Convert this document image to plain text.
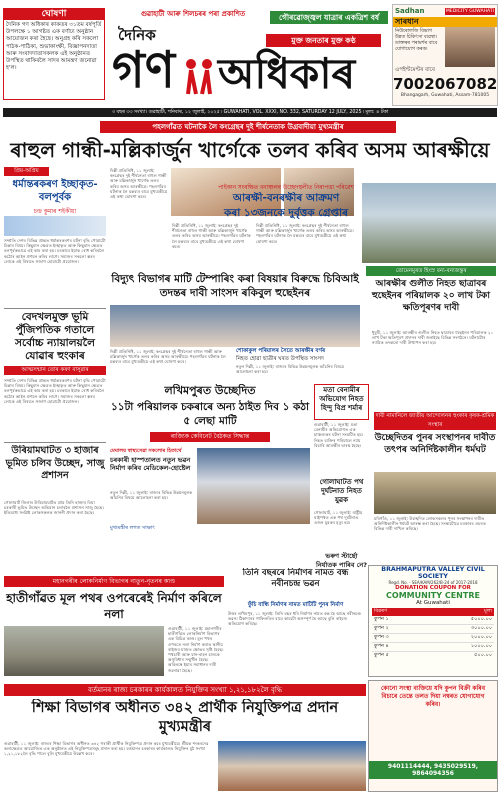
ঘোষণা
দৈনিক গণ অধিকাৰ কাকতৰ ৩১তম বৰ্ষপূৰ্তি উপলক্ষে ১ আগষ্টত এক বৰ্ণাঢ্য অনুষ্ঠান আয়োজন কৰা হৈছে। অনুগ্ৰহ কৰি সকলো পাঠক-পাঠিকা, শুভাকাংক্ষী, বিজ্ঞাপনদাতা আৰু সংবাদদাতাসকলক এই অনুষ্ঠানত উপস্থিত থাকিবলৈ সাদৰ আমন্ত্ৰণ জনোৱা হ'ল।
গুৱাহাটী আৰু শিলচৰৰ পৰা প্ৰকাশিত	গৌৰৱোজ্জ্বল যাত্ৰাৰ একত্ৰিশ বৰ্ষ
দৈনিক	মুক্ত জনতাৰ মুক্ত কণ্ঠ
গণ অধিকাৰ
Sadhan	MEDICITY GUWAHATI
সাৰধান
নিউৰোলজি বিভাগ উন্নত চিকিৎসা ব্যৱস্থা। ডাক্তৰৰ পৰামৰ্শৰ বাবে যোগাযোগ কৰক।
এপইণ্টমেণ্টৰ বাবে
7002067082
Bhangagarh, Guwahati, Assam-781005
৩ বছৰ ৩৩ সংখ্যা। গুৱাহাটী, শনিবাৰ, ১২ জুলাই, ২০২৫ ৷ GUWAHATI, VOL. XXXI, NO. 332, SATURDAY 12 JULY, 2025 ৷ মূল্য: ৪ টকা
পহলগাঁৱত ঘটনাকৈ লৈ কংগ্ৰেছৰ দুই শীৰ্ষনেতাক উগ্ৰবাদীয়া মুখ্যমন্ত্ৰীৰ
ৰাহুল গান্ধী-মল্লিকাৰ্জুন খাৰ্গেকে তলব কৰিব অসম আৰক্ষীয়ে
প্ৰিয়-অপ্ৰিয়
ধৰ্মান্তৰকৰণ ইচ্ছাকৃত-বলপূৰ্বক
চন্দ্ৰ কুমাৰ শইকীয়া
সম্প্ৰতি দেশৰ বিভিন্ন প্ৰান্তত ধৰ্মান্তৰকৰণৰ ঘটনা বৃদ্ধি পোৱাটো চিন্তাৰ বিষয়। কিছুমান ক্ষেত্ৰত ইচ্ছাকৃত আৰু কিছুমান ক্ষেত্ৰত বলপূৰ্বকভাৱে এই কাম কৰা হয়। চৰকাৰে ইয়াক ৰোধ কৰিবলৈ কঠোৰ আইন প্ৰণয়ন কৰিব লাগে। সমাজৰ সকলো স্তৰৰ লোকে এই বিষয়ত সজাগ হোৱাটো প্ৰয়োজন।
বেদখলমুক্ত ভূমি পুঁজিপতিক গতালে সৰ্বোচ্চ ন্যায়ালয়লৈ যোৱাৰ হুংকাৰ
আত্মসন্মান তোৰ কৰণ বাসুৱাৰ
সম্প্ৰতি দেশৰ বিভিন্ন প্ৰান্তত ধৰ্মান্তৰকৰণৰ ঘটনা বৃদ্ধি পোৱাটো চিন্তাৰ বিষয়। কিছুমান ক্ষেত্ৰত ইচ্ছাকৃত আৰু কিছুমান ক্ষেত্ৰত বলপূৰ্বকভাৱে এই কাম কৰা হয়। চৰকাৰে ইয়াক ৰোধ কৰিবলৈ কঠোৰ আইন প্ৰণয়ন কৰিব লাগে। সমাজৰ সকলো স্তৰৰ লোকে এই বিষয়ত সজাগ হোৱাটো প্ৰয়োজন।
উৰিয়ামঘাটত ৩ হাজাৰ ভূমিত চলিব উচ্ছেদ, সাজু প্ৰশাসন
গোলাঘাট জিলাৰ উৰিয়ামঘাটত প্ৰায় তিনি হাজাৰ বিঘা চৰকাৰী ভূমিত উচ্ছেদ অভিযান চলাবলৈ প্ৰশাসন সাজু হৈছে। ইতিমধ্যে সংশ্লিষ্ট লোকসকলক জাননী প্ৰদান কৰা হৈছে।
দিল্লী প্ৰতিনিধি, ১১ জুলাই: কংগ্ৰেছৰ দুই শীৰ্ষনেতা ৰাহুল গান্ধী আৰু মল্লিকাৰ্জুন খাৰ্গেক তলব কৰিব অসম আৰক্ষীয়ে। পহলগাঁৱৰ ঘটনাক লৈ মন্তব্যৰ বাবে মুখ্যমন্ত্ৰীয়ে এই কথা ঘোষণা কৰে।
পাইকান সংৰক্ষিত বনাঞ্চলৰ উচ্ছেদস্থলীত নিৰাপত্তা পৰিৱেশ
আৰক্ষী-বনৰক্ষীৰ আক্ৰমণ
কৰা ১৩জনকে দুৰ্বৃত্তক গ্ৰেপ্তাৰ
দিল্লী প্ৰতিনিধি, ১১ জুলাই: কংগ্ৰেছৰ দুই শীৰ্ষনেতা ৰাহুল গান্ধী আৰু মল্লিকাৰ্জুন খাৰ্গেক তলব কৰিব অসম আৰক্ষীয়ে। পহলগাঁৱৰ ঘটনাক লৈ মন্তব্যৰ বাবে মুখ্যমন্ত্ৰীয়ে এই কথা ঘোষণা কৰে।
দিল্লী প্ৰতিনিধি, ১১ জুলাই: কংগ্ৰেছৰ দুই শীৰ্ষনেতা ৰাহুল গান্ধী আৰু মল্লিকাৰ্জুন খাৰ্গেক তলব কৰিব অসম আৰক্ষীয়ে। পহলগাঁৱৰ ঘটনাক লৈ মন্তব্যৰ বাবে মুখ্যমন্ত্ৰীয়ে এই কথা ঘোষণা কৰে।
বিদ্যুৎ বিভাগৰ মাটি টেম্পাৰিং কৰা বিষয়াৰ বিৰুদ্ধে চিবিআই তদন্তৰ দাবী সাংসদ ৰকিবুল হুছেইনৰ
শোকাকুল পৰিয়ালৰ সৈতে আৰক্ষীৰ বৰ্গৰ
নিহত হোৱা ছাত্ৰীৰ ঘৰত উপস্থিত সাংসদ
দিল্লী প্ৰতিনিধি, ১১ জুলাই: কংগ্ৰেছৰ দুই শীৰ্ষনেতা ৰাহুল গান্ধী আৰু মল্লিকাৰ্জুন খাৰ্গেক তলব কৰিব অসম আৰক্ষীয়ে। পহলগাঁৱৰ ঘটনাক লৈ মন্তব্যৰ বাবে মুখ্যমন্ত্ৰীয়ে এই কথা ঘোষণা কৰে।
নতুন দিল্লী, ১১ জুলাই: ৰাজ্যৰ বিভিন্ন উন্নয়নমূলক আঁচনিৰ বিষয়ে আলোচনা কৰা হয়।
লখিমপুৰত উচ্ছেদিত
১১টা পৰিয়ালক চকৰাৰে অন্য ঠাইত দিব ১ কঠা ৫ লেছা মাটি
ৰাজ্যিক কেবিনেট বৈঠকত সিদ্ধান্ত
মেঘালয় স্বাস্থ্যসেৱা সকলোৰ হিতাৰ্থে
চৰকাৰী হাস্পতালত নতুন ভৱন নিৰ্মাণ কৰিব মেডিকেল-হোষ্টেল
নতুন দিল্লী, ১১ জুলাই: ৰাজ্যৰ বিভিন্ন উন্নয়নমূলক আঁচনিৰ বিষয়ে আলোচনা কৰা হয়।
মুখ্যমন্ত্ৰীৰ লগত সাক্ষাৎ
মতা বেনামীৰ অভিযোগ নিহত হিন্দু বিপ্ৰ শৰ্মাৰ
গুৱাহাটী, ১১ জুলাই: মতা বেনামীৰ অভিযোগত এক চাঞ্চল্যকৰ ঘটনা সংঘটিত হয়। নিহত ব্যক্তিৰ পৰিয়ালে ন্যায় বিচাৰি আৰক্ষীৰ দ্বাৰস্থ হৈছে।
গোলাঘাটত পথ দুৰ্ঘটনাত নিহত যুৱক
গোলাঘাট, ১১ জুলাই: ৰাষ্ট্ৰীয় ঘাইপথত এক পথ দুৰ্ঘটনাত এজন যুৱকৰ মৃত্যু হয়।
তোমেনমুৰত হিংস্ৰ বন্য-বন্যজন্তুৰ
আৰক্ষীৰ গুলীত নিহত ছাত্ৰাবৰ হুছেইনৰ পৰিয়ালক ২০ লাখ টকা ক্ষতিপূৰণৰ দাবী
ধুবুৰী, ১১ জুলাই: আৰক্ষীৰ গুলীত নিহত ছাত্ৰাবৰ হুছেইনৰ পৰিয়ালক ২০ লাখ টকা ক্ষতিপূৰণ প্ৰদানৰ দাবী জনাইছে বিভিন্ন সংগঠনে। ঘটনাটোৰ ন্যায়িক তদন্তৰো দাবী উত্থাপন কৰা হয়।
দাবী নামানিলে জাতীয় আন্দোলনৰ হুংকাৰ কৃষক-শ্ৰমিক সংস্থাৰ
উচ্ছেদিতৰ পুনৰ সংস্থাপনৰ দাবীত তৎপৰ অনিৰ্দিষ্টকালীন ধৰ্মঘট
মৰিগাঁও, ১১ জুলাই: উচ্ছেদিত লোকসকলৰ পুনৰ সংস্থাপনৰ দাবীত অনিৰ্দিষ্টকালীন ধৰ্মঘট আৰম্ভ কৰা হৈছে। সংস্থাটোৱে চৰকাৰৰ ওচৰত বিভিন্ন দাবী দাখিল কৰিছে।
মহানগৰীৰ লোকনিৰ্মাণ বিভাগৰ নাতুন-নৃতনৰ কাণ্ড
হাতীগাঁৱত মূল পথৰ ওপৰেৰেই নিৰ্মাণ কৰিলে নলা
গুৱাহাটী, ১১ জুলাই: মহানগৰীৰ হাতীগাঁৱত লোকনিৰ্মাণ বিভাগৰ এক বিচিত্ৰ কাণ্ড। মূল পথৰ ওপৰতে নলা নিৰ্মাণ কৰাত স্থানীয় ৰাইজৰ মাজত ক্ষোভৰ সৃষ্টি হৈছে। পথচাৰী আৰু যান-বাহন চালকে অসুবিধাৰ সন্মুখীন হৈছে। অবিলম্বে ইয়াৰ সমাধানৰ দাবী জনোৱা হৈছে।
তিনি বছৰৰে নিৰ্মাণৰ নামত বন্ধ নবীনচন্দ্ৰ ভৱন
ফুঁচি বান্ধি নিৰ্মাণৰ নামত মাটিটি পুনৰ নিৰ্মাণ
উত্তৰ লখিমপুৰ, ১১ জুলাই: তিনি বছৰ ধৰি নিৰ্মাণৰ নামত বন্ধ হৈ আছে নবীনচন্দ্ৰ ভৱন। ঠিকাদাৰৰ গাফিলতিৰ বাবে কামটো অসম্পূৰ্ণ হৈ আছে বুলি ৰাইজে অভিযোগ কৰিছে।
ভৰুণ স্টাৰ্ছো নিৰ্যাতক পাৰিব নে?
BRAHMAPUTRA VALLEY CIVIL SOCIETY
Regd. No. - SEA/KAM/262/B-24 of 2017-2018
DONATION COUPON FOR
COMMUNITY CENTRE
At Guwahati
বিৱৰণ	মূল্য
কুপন ১	৫০০০.০০
কুপন ২	৩০০০.০০
কুপন ৩	২০০০.০০
কুপন ৪	১০০০.০০
কুপন ৫	৫০০.০০
বৰ্তমানৰ ৰাজ্য চৰকাৰৰ কাৰ্যকালত নিযুক্তিৰ সংখ্যা ১,২১,১৮২লৈ বৃদ্ধি
শিক্ষা বিভাগৰ অধীনত ৩৪২ প্ৰাৰ্থীক নিযুক্তিপত্ৰ প্ৰদান মুখ্যমন্ত্ৰীৰ
গুৱাহাটী, ১১ জুলাই: ৰাজ্যৰ শিক্ষা বিভাগৰ অধীনত ৩৪২ গৰাকী প্ৰাৰ্থীক নিযুক্তিপত্ৰ প্ৰদান কৰে মুখ্যমন্ত্ৰীয়ে। শ্ৰীমন্ত শংকৰদেৱ কলাক্ষেত্ৰত আয়োজিত এক অনুষ্ঠানত এই নিযুক্তিপত্ৰসমূহ প্ৰদান কৰা হয়। বৰ্তমানৰ চৰকাৰৰ কাৰ্যকালত নিযুক্তিৰ মুঠ সংখ্যা ১,২১,১৮২লৈ বৃদ্ধি পালে বুলি মুখ্যমন্ত্ৰীয়ে উল্লেখ কৰে।
কোনো সংস্থা ব্যক্তিয়ে যদি কুপন বিক্ৰী কৰিব বিচাৰে তেন্তে তলত দিয়া নম্বৰত যোগাযোগ কৰিব।
9401114444, 9435029519, 9864094356
